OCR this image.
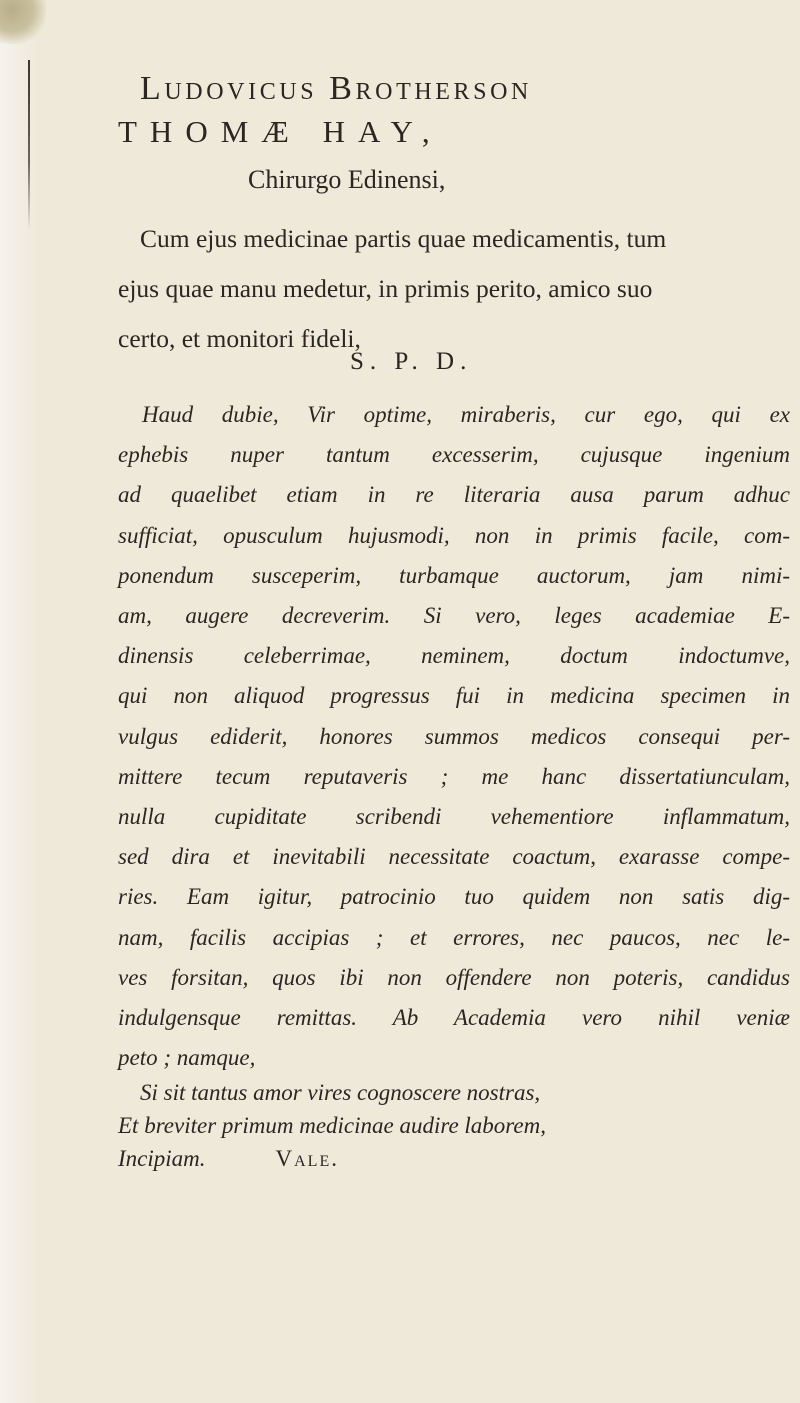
Ludovicus Brotherson
THOMÆ HAY,
Chirurgo Edinensi,

Cum ejus medicinae partis quae medicamentis, tum
ejus quae manu medetur, in primis perito, amico suo
certo, et monitori fideli,

S. P. D.
Haud dubie, Vir optime, miraberis, cur ego, qui ex
ephebis nuper tantum excesserim, cujusque ingenium
ad quaelibet etiam in re literaria ausa parum adhuc
sufficiat, opusculum hujusmodi, non in primis facile, com-
ponendum susceperim, turbamque auctorum, jam nimi-
am, augere decreverim. Si vero, leges academiae E-
dinensis celeberrimae, neminem, doctum indoctumve,
qui non aliquod progressus fui in medicina specimen in
vulgus ediderit, honores summos medicos consequi per-
mittere tecum reputaveris ; me hanc dissertatiunculam,
nulla cupiditate scribendi vehementiore inflammatum,
sed dira et inevitabili necessitate coactum, exarasse compe-
ries. Eam igitur, patrocinio tuo quidem non satis dig-
nam, facilis accipias ; et errores, nec paucos, nec le-
ves forsitan, quos ibi non offendere non poteris, candidus
indulgensque remittas. Ab Academia vero nihil veniæ
peto ; namque,
Si sit tantus amor vires cognoscere nostras,
Et breviter primum medicinae audire laborem,
Incipiam.	Vale.
